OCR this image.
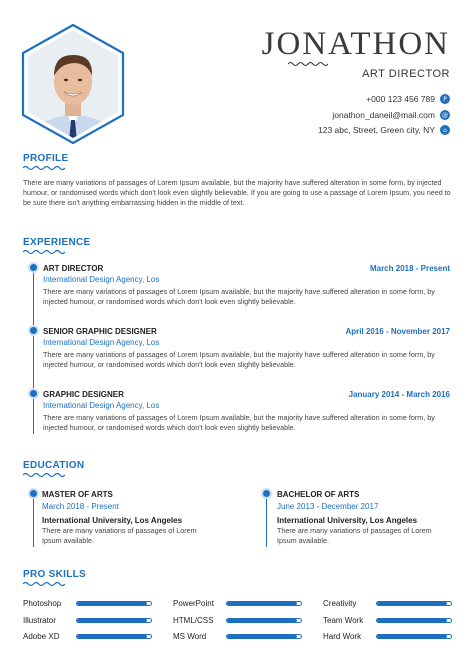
JONATHON
ART DIRECTOR
+000 123 456 789	P
jonathon_daneil@mail.com	@
123 abc, Street, Green city, NY	⌂
PROFILE
There are many variations of passages of Lorem Ipsum available, but the majority have suffered alteration in some form, by injected humour, or randomised words which don't look even slightly believable. If you are going to use a passage of Lorem Ipsum, you need to be sure there isn't anything embarrassing hidden in the middle of text.
EXPERIENCE
ART DIRECTOR	March 2018 - Present
International Design Agency, Los
There are many variations of passages of Lorem Ipsum available, but the majority have suffered alteration in some form, by injected humour, or randomised words which don't look even slightly believable.
SENIOR GRAPHIC DESIGNER	April 2016 - November 2017
International Design Agency, Los
There are many variations of passages of Lorem Ipsum available, but the majority have suffered alteration in some form, by injected humour, or randomised words which don't look even slightly believable.
GRAPHIC DESIGNER	January 2014 - March 2016
International Design Agency, Los
There are many variations of passages of Lorem Ipsum available, but the majority have suffered alteration in some form, by injected humour, or randomised words which don't look even slightly believable.
EDUCATION
MASTER OF ARTS
March 2018 - Present
International University, Los Angeles
There are many variations of passages of Lorem Ipsum available.
BACHELOR OF ARTS
June 2013 - December 2017
International University, Los Angeles
There are many variations of passages of Lorem Ipsum available.
PRO SKILLS
Photoshop	PowerPoint	Creativity
Illustrator	HTML/CSS	Team Work
Adobe XD	MS Word	Hard Work
